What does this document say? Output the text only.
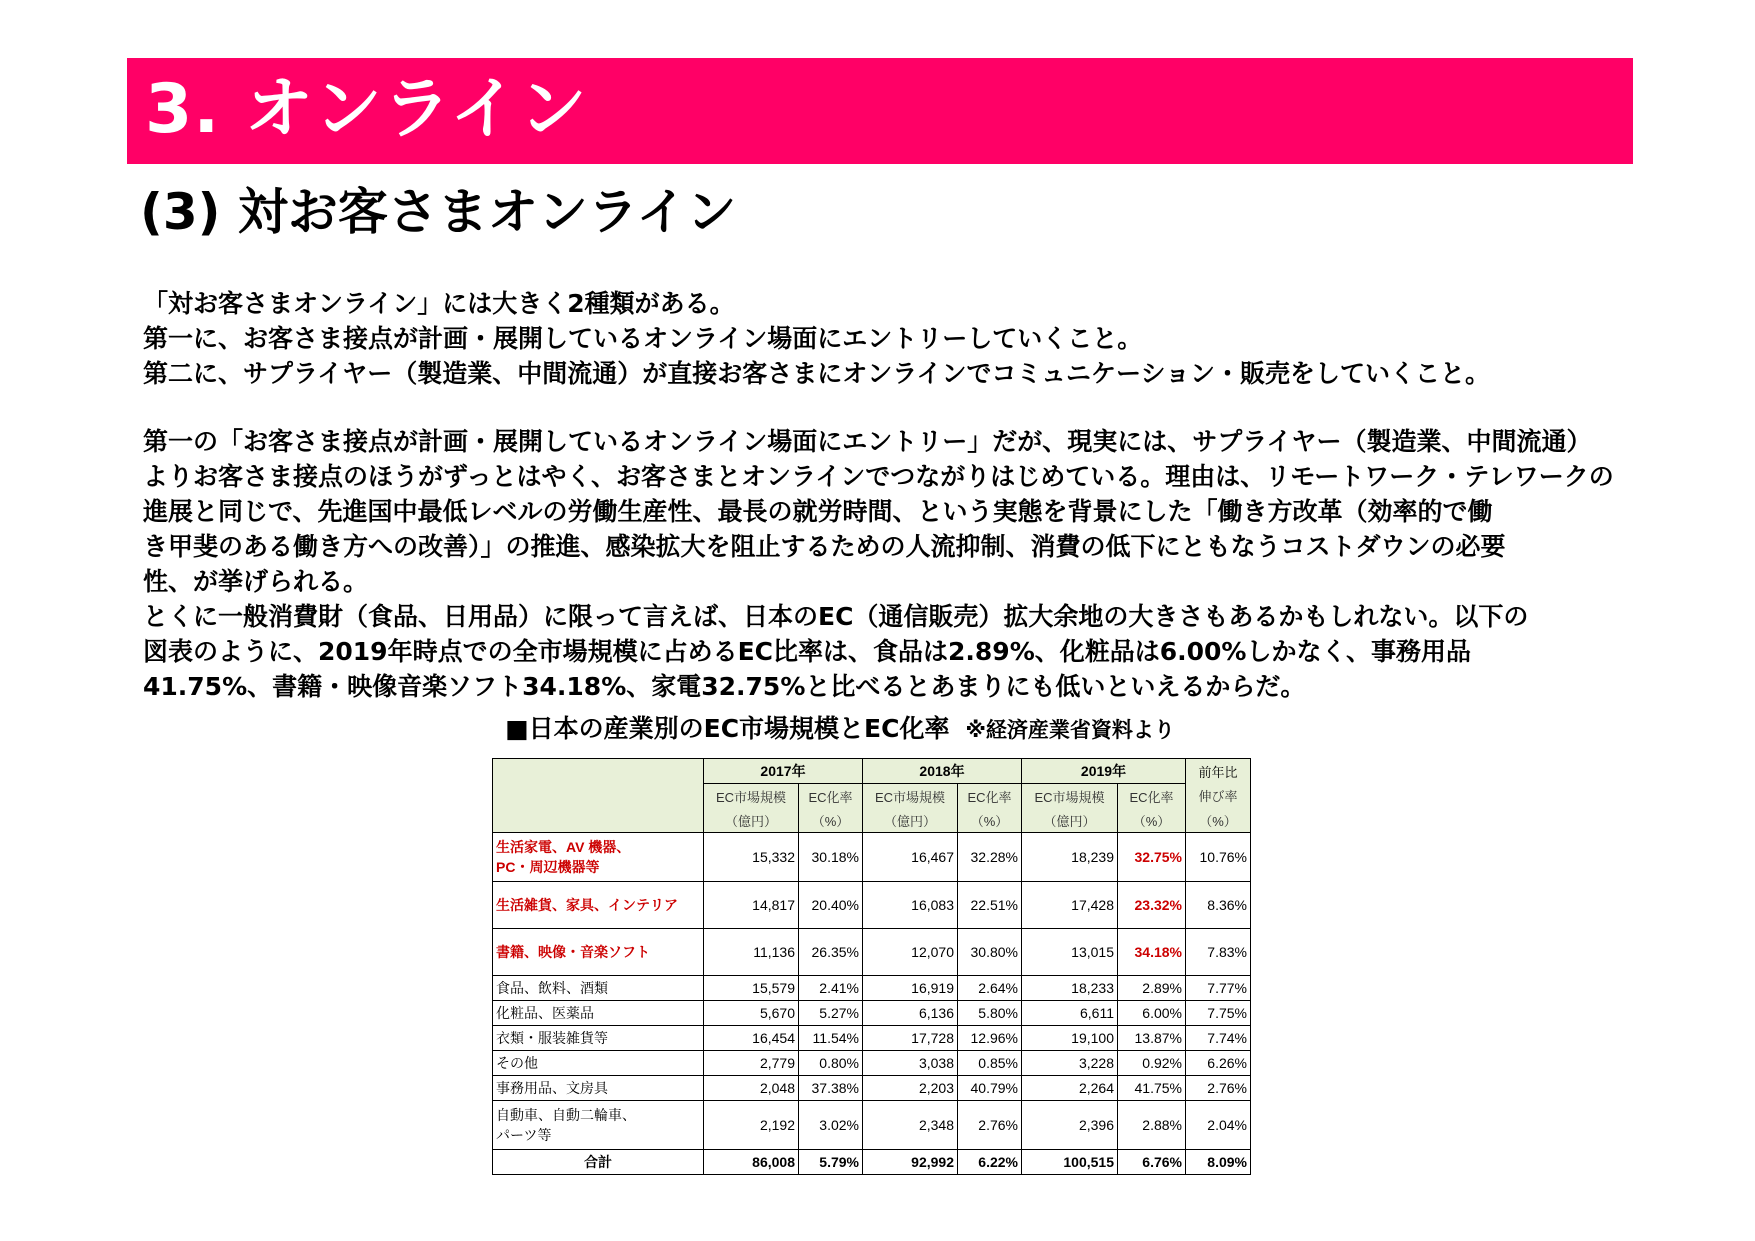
3. オンライン
(3) 対お客さまオンライン
「対お客さまオンライン」には大きく2種類がある。
第一に、お客さま接点が計画・展開しているオンライン場面にエントリーしていくこと。
第二に、サプライヤー（製造業、中間流通）が直接お客さまにオンラインでコミュニケーション・販売をしていくこと。
第一の「お客さま接点が計画・展開しているオンライン場面にエントリー」だが、現実には、サプライヤー（製造業、中間流通）
よりお客さま接点のほうがずっとはやく、お客さまとオンラインでつながりはじめている。理由は、リモートワーク・テレワークの
進展と同じで、先進国中最低レベルの労働生産性、最長の就労時間、という実態を背景にした「働き方改革（効率的で働
き甲斐のある働き方への改善）」の推進、感染拡大を阻止するための人流抑制、消費の低下にともなうコストダウンの必要
性、が挙げられる。
とくに一般消費財（食品、日用品）に限って言えば、日本のEC（通信販売）拡大余地の大きさもあるかもしれない。以下の
図表のように、2019年時点での全市場規模に占めるEC比率は、食品は2.89%、化粧品は6.00%しかなく、事務用品
41.75%、書籍・映像音楽ソフト34.18%、家電32.75%と比べるとあまりにも低いといえるからだ。
■日本の産業別のEC市場規模とEC化率 ※経済産業省資料より
	2017年		2018年		2019年		前年比
	EC市場規模	EC化率	EC市場規模	EC化率	EC市場規模	EC化率	伸び率
	（億円）	（%）	（億円）	（%）	（億円）	（%）	（%）

生活家電、AV 機器、
PC・周辺機器等	15,332	30.18%	16,467	32.28%	18,239	32.75%	10.76%

生活雑貨、家具、インテリア	14,817	20.40%	16,083	22.51%	17,428	23.32%	8.36%

書籍、映像・音楽ソフト	11,136	26.35%	12,070	30.80%	13,015	34.18%	7.83%

食品、飲料、酒類	15,579	2.41%	16,919	2.64%	18,233	2.89%	7.77%

化粧品、医薬品	5,670	5.27%	6,136	5.80%	6,611	6.00%	7.75%

衣類・服装雑貨等	16,454	11.54%	17,728	12.96%	19,100	13.87%	7.74%

その他	2,779	0.80%	3,038	0.85%	3,228	0.92%	6.26%

事務用品、文房具	2,048	37.38%	2,203	40.79%	2,264	41.75%	2.76%

自動車、自動二輪車、
パーツ等	2,192	3.02%	2,348	2.76%	2,396	2.88%	2.04%
合計	86,008	5.79%	92,992	6.22%	100,515	6.76%	8.09%
